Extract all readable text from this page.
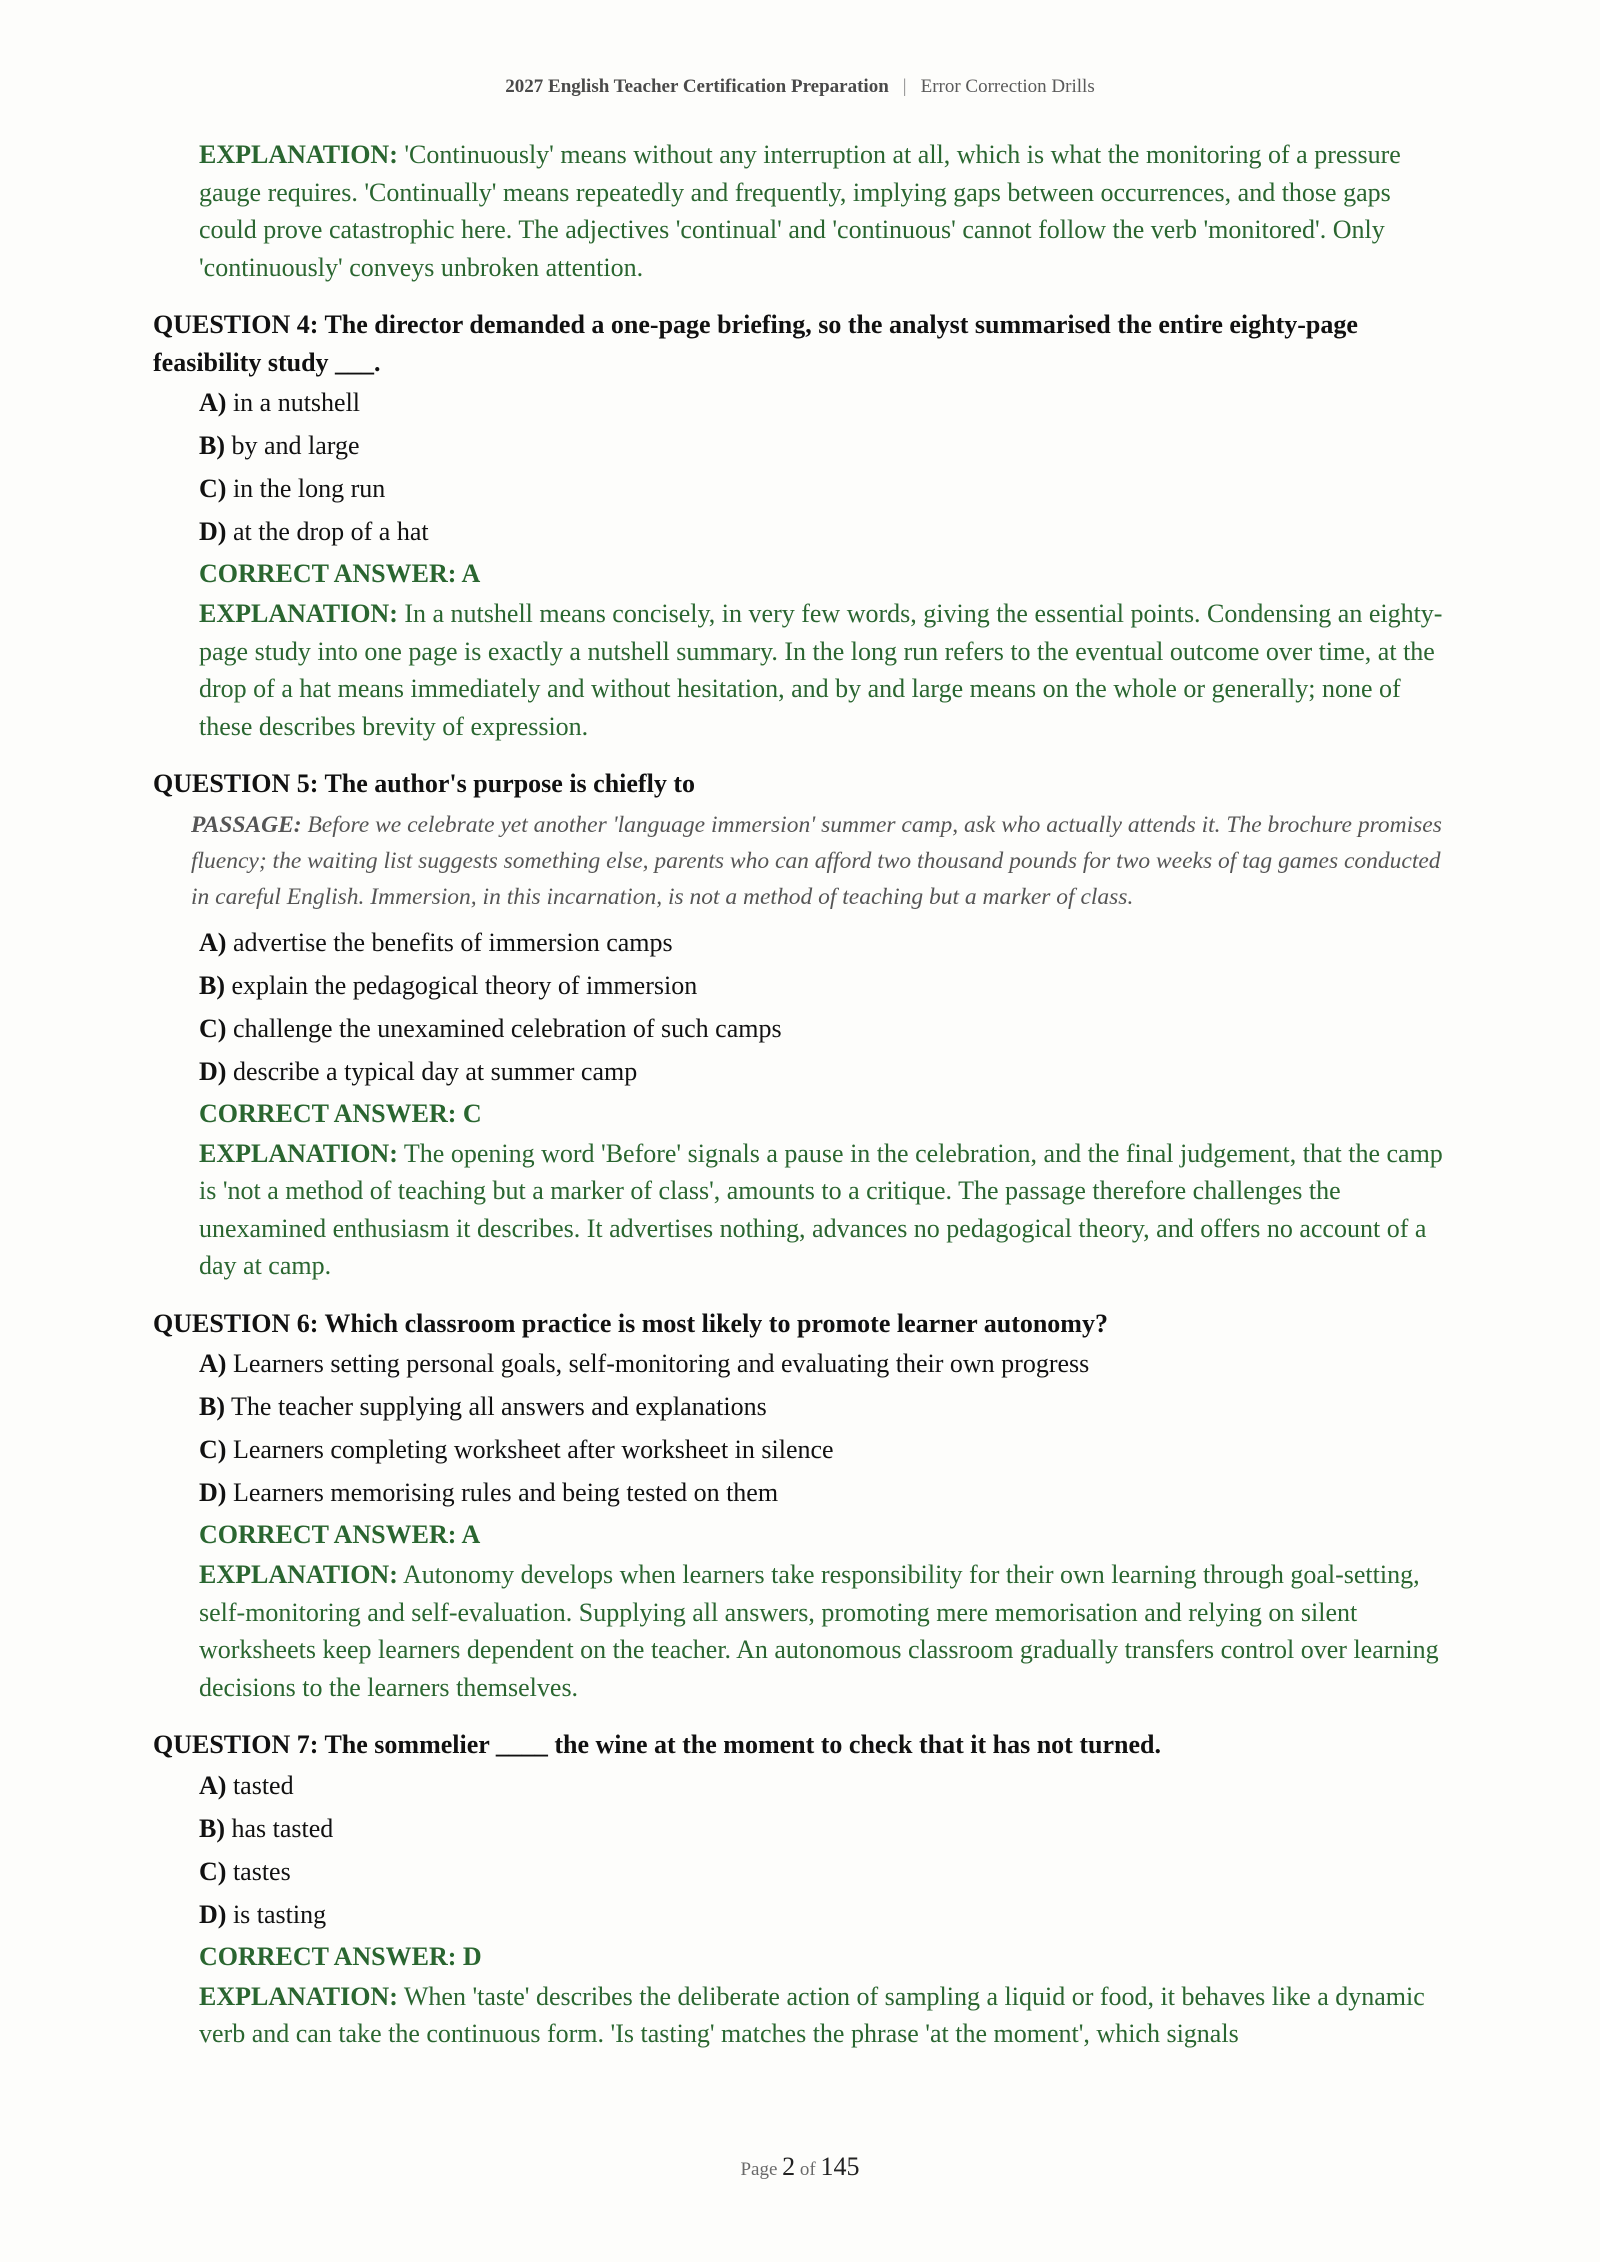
2027 English Teacher Certification Preparation | Error Correction Drills
EXPLANATION: 'Continuously' means without any interruption at all, which is what the monitoring of a pressure gauge requires. 'Continually' means repeatedly and frequently, implying gaps between occurrences, and those gaps could prove catastrophic here. The adjectives 'continual' and 'continuous' cannot follow the verb 'monitored'. Only 'continuously' conveys unbroken attention.
QUESTION 4: The director demanded a one-page briefing, so the analyst summarised the entire eighty-page feasibility study ___.
A) in a nutshell
B) by and large
C) in the long run
D) at the drop of a hat
CORRECT ANSWER: A
EXPLANATION: In a nutshell means concisely, in very few words, giving the essential points. Condensing an eighty-page study into one page is exactly a nutshell summary. In the long run refers to the eventual outcome over time, at the drop of a hat means immediately and without hesitation, and by and large means on the whole or generally; none of these describes brevity of expression.
QUESTION 5: The author's purpose is chiefly to
PASSAGE: Before we celebrate yet another 'language immersion' summer camp, ask who actually attends it. The brochure promises fluency; the waiting list suggests something else, parents who can afford two thousand pounds for two weeks of tag games conducted in careful English. Immersion, in this incarnation, is not a method of teaching but a marker of class.
A) advertise the benefits of immersion camps
B) explain the pedagogical theory of immersion
C) challenge the unexamined celebration of such camps
D) describe a typical day at summer camp
CORRECT ANSWER: C
EXPLANATION: The opening word 'Before' signals a pause in the celebration, and the final judgement, that the camp is 'not a method of teaching but a marker of class', amounts to a critique. The passage therefore challenges the unexamined enthusiasm it describes. It advertises nothing, advances no pedagogical theory, and offers no account of a day at camp.
QUESTION 6: Which classroom practice is most likely to promote learner autonomy?
A) Learners setting personal goals, self-monitoring and evaluating their own progress
B) The teacher supplying all answers and explanations
C) Learners completing worksheet after worksheet in silence
D) Learners memorising rules and being tested on them
CORRECT ANSWER: A
EXPLANATION: Autonomy develops when learners take responsibility for their own learning through goal-setting, self-monitoring and self-evaluation. Supplying all answers, promoting mere memorisation and relying on silent worksheets keep learners dependent on the teacher. An autonomous classroom gradually transfers control over learning decisions to the learners themselves.
QUESTION 7: The sommelier ____ the wine at the moment to check that it has not turned.
A) tasted
B) has tasted
C) tastes
D) is tasting
CORRECT ANSWER: D
EXPLANATION: When 'taste' describes the deliberate action of sampling a liquid or food, it behaves like a dynamic verb and can take the continuous form. 'Is tasting' matches the phrase 'at the moment', which signals
Page 2 of 145
